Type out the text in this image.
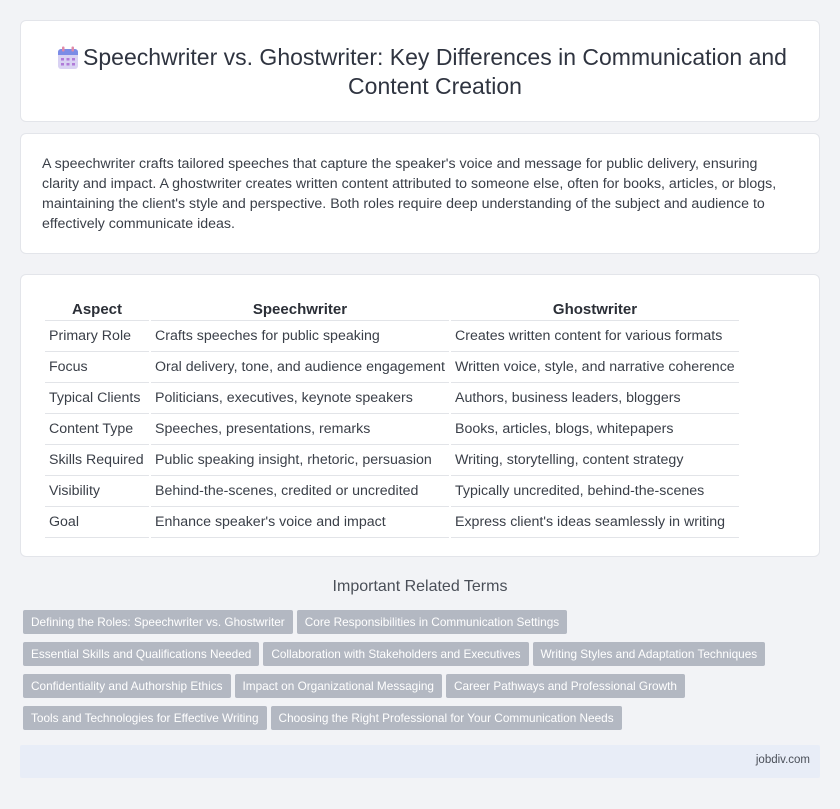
Speechwriter vs. Ghostwriter: Key Differences in Communication and Content Creation

A speechwriter crafts tailored speeches that capture the speaker's voice and message for public delivery, ensuring clarity and impact. A ghostwriter creates written content attributed to someone else, often for books, articles, or blogs, maintaining the client's style and perspective. Both roles require deep understanding of the subject and audience to effectively communicate ideas.

Aspect	Speechwriter	Ghostwriter
Primary Role	Crafts speeches for public speaking	Creates written content for various formats
Focus	Oral delivery, tone, and audience engagement	Written voice, style, and narrative coherence
Typical Clients	Politicians, executives, keynote speakers	Authors, business leaders, bloggers
Content Type	Speeches, presentations, remarks	Books, articles, blogs, whitepapers
Skills Required	Public speaking insight, rhetoric, persuasion	Writing, storytelling, content strategy
Visibility	Behind-the-scenes, credited or uncredited	Typically uncredited, behind-the-scenes
Goal	Enhance speaker's voice and impact	Express client's ideas seamlessly in writing
Important Related Terms
Defining the Roles: Speechwriter vs. Ghostwriter Core Responsibilities in Communication Settings
Essential Skills and Qualifications Needed Collaboration with Stakeholders and Executives Writing Styles and Adaptation Techniques
Confidentiality and Authorship Ethics Impact on Organizational Messaging Career Pathways and Professional Growth
Tools and Technologies for Effective Writing Choosing the Right Professional for Your Communication Needs
jobdiv.com
